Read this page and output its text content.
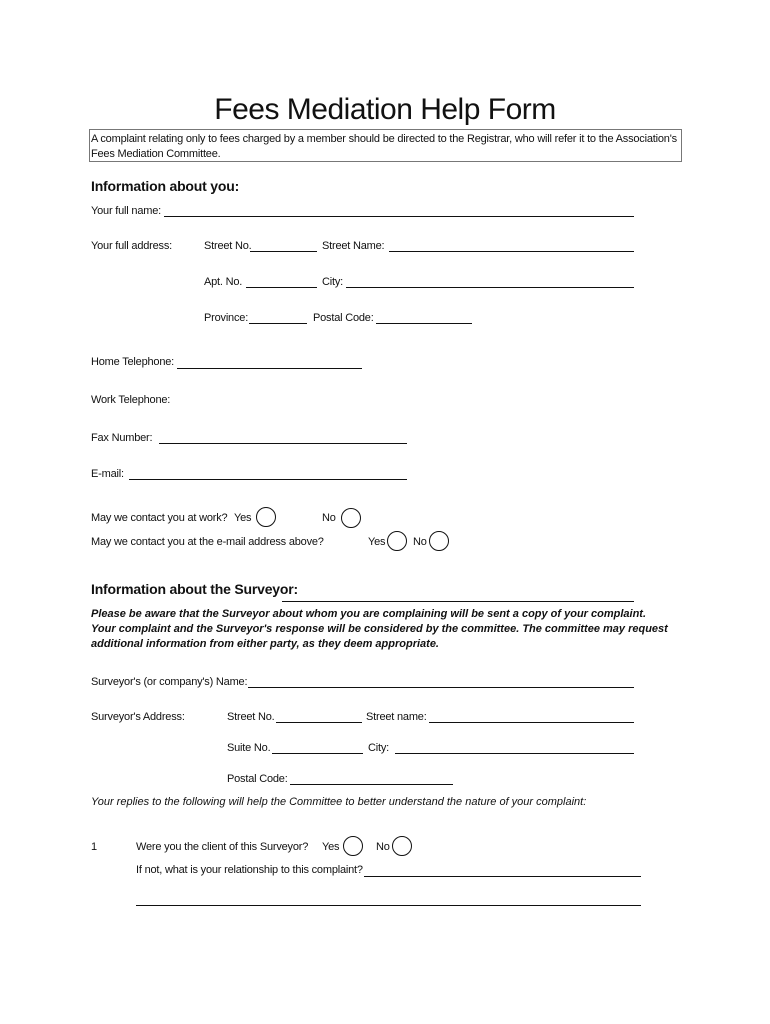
Fees Mediation Help Form
A complaint relating only to fees charged by a member should be directed to the Registrar, who will refer it to the Association's Fees Mediation Committee.
Information about you:
Your full name:
Your full address:	Street No.	Street Name:
Apt. No.	City:
Province:	Postal Code:
Home Telephone:
Work Telephone:
Fax Number:
E-mail:
May we contact you at work? Yes	No
May we contact you at the e-mail address above?	Yes	No
Information about the Surveyor:
Please be aware that the Surveyor about whom you are complaining will be sent a copy of your complaint. Your complaint and the Surveyor's response will be considered by the committee. The committee may request additional information from either party, as they deem appropriate.
Surveyor's (or company's) Name:
Surveyor's Address:	Street No.	Street name:
Suite No.	City:
Postal Code:
Your replies to the following will help the Committee to better understand the nature of your complaint:
1	Were you the client of this Surveyor? Yes	No
If not, what is your relationship to this complaint?
